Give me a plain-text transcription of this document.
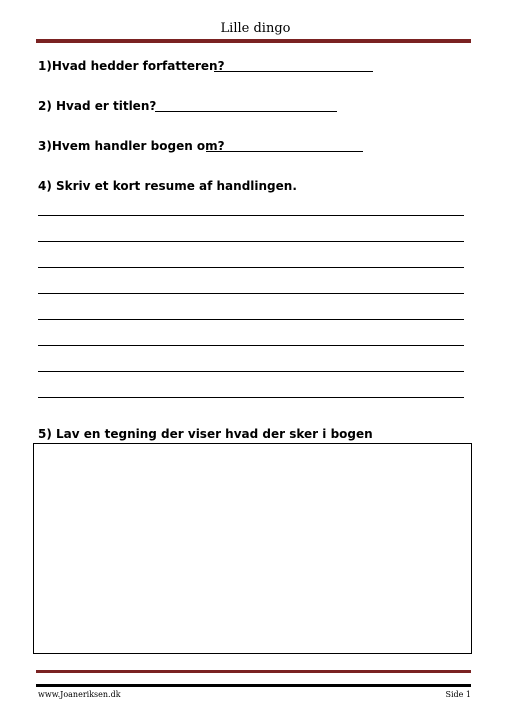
Lille dingo
1)Hvad hedder forfatteren?
2) Hvad er titlen?
3)Hvem handler bogen om?
4) Skriv et kort resume af handlingen.
5) Lav en tegning der viser hvad der sker i bogen
www.Joaneriksen.dk	Side 1
